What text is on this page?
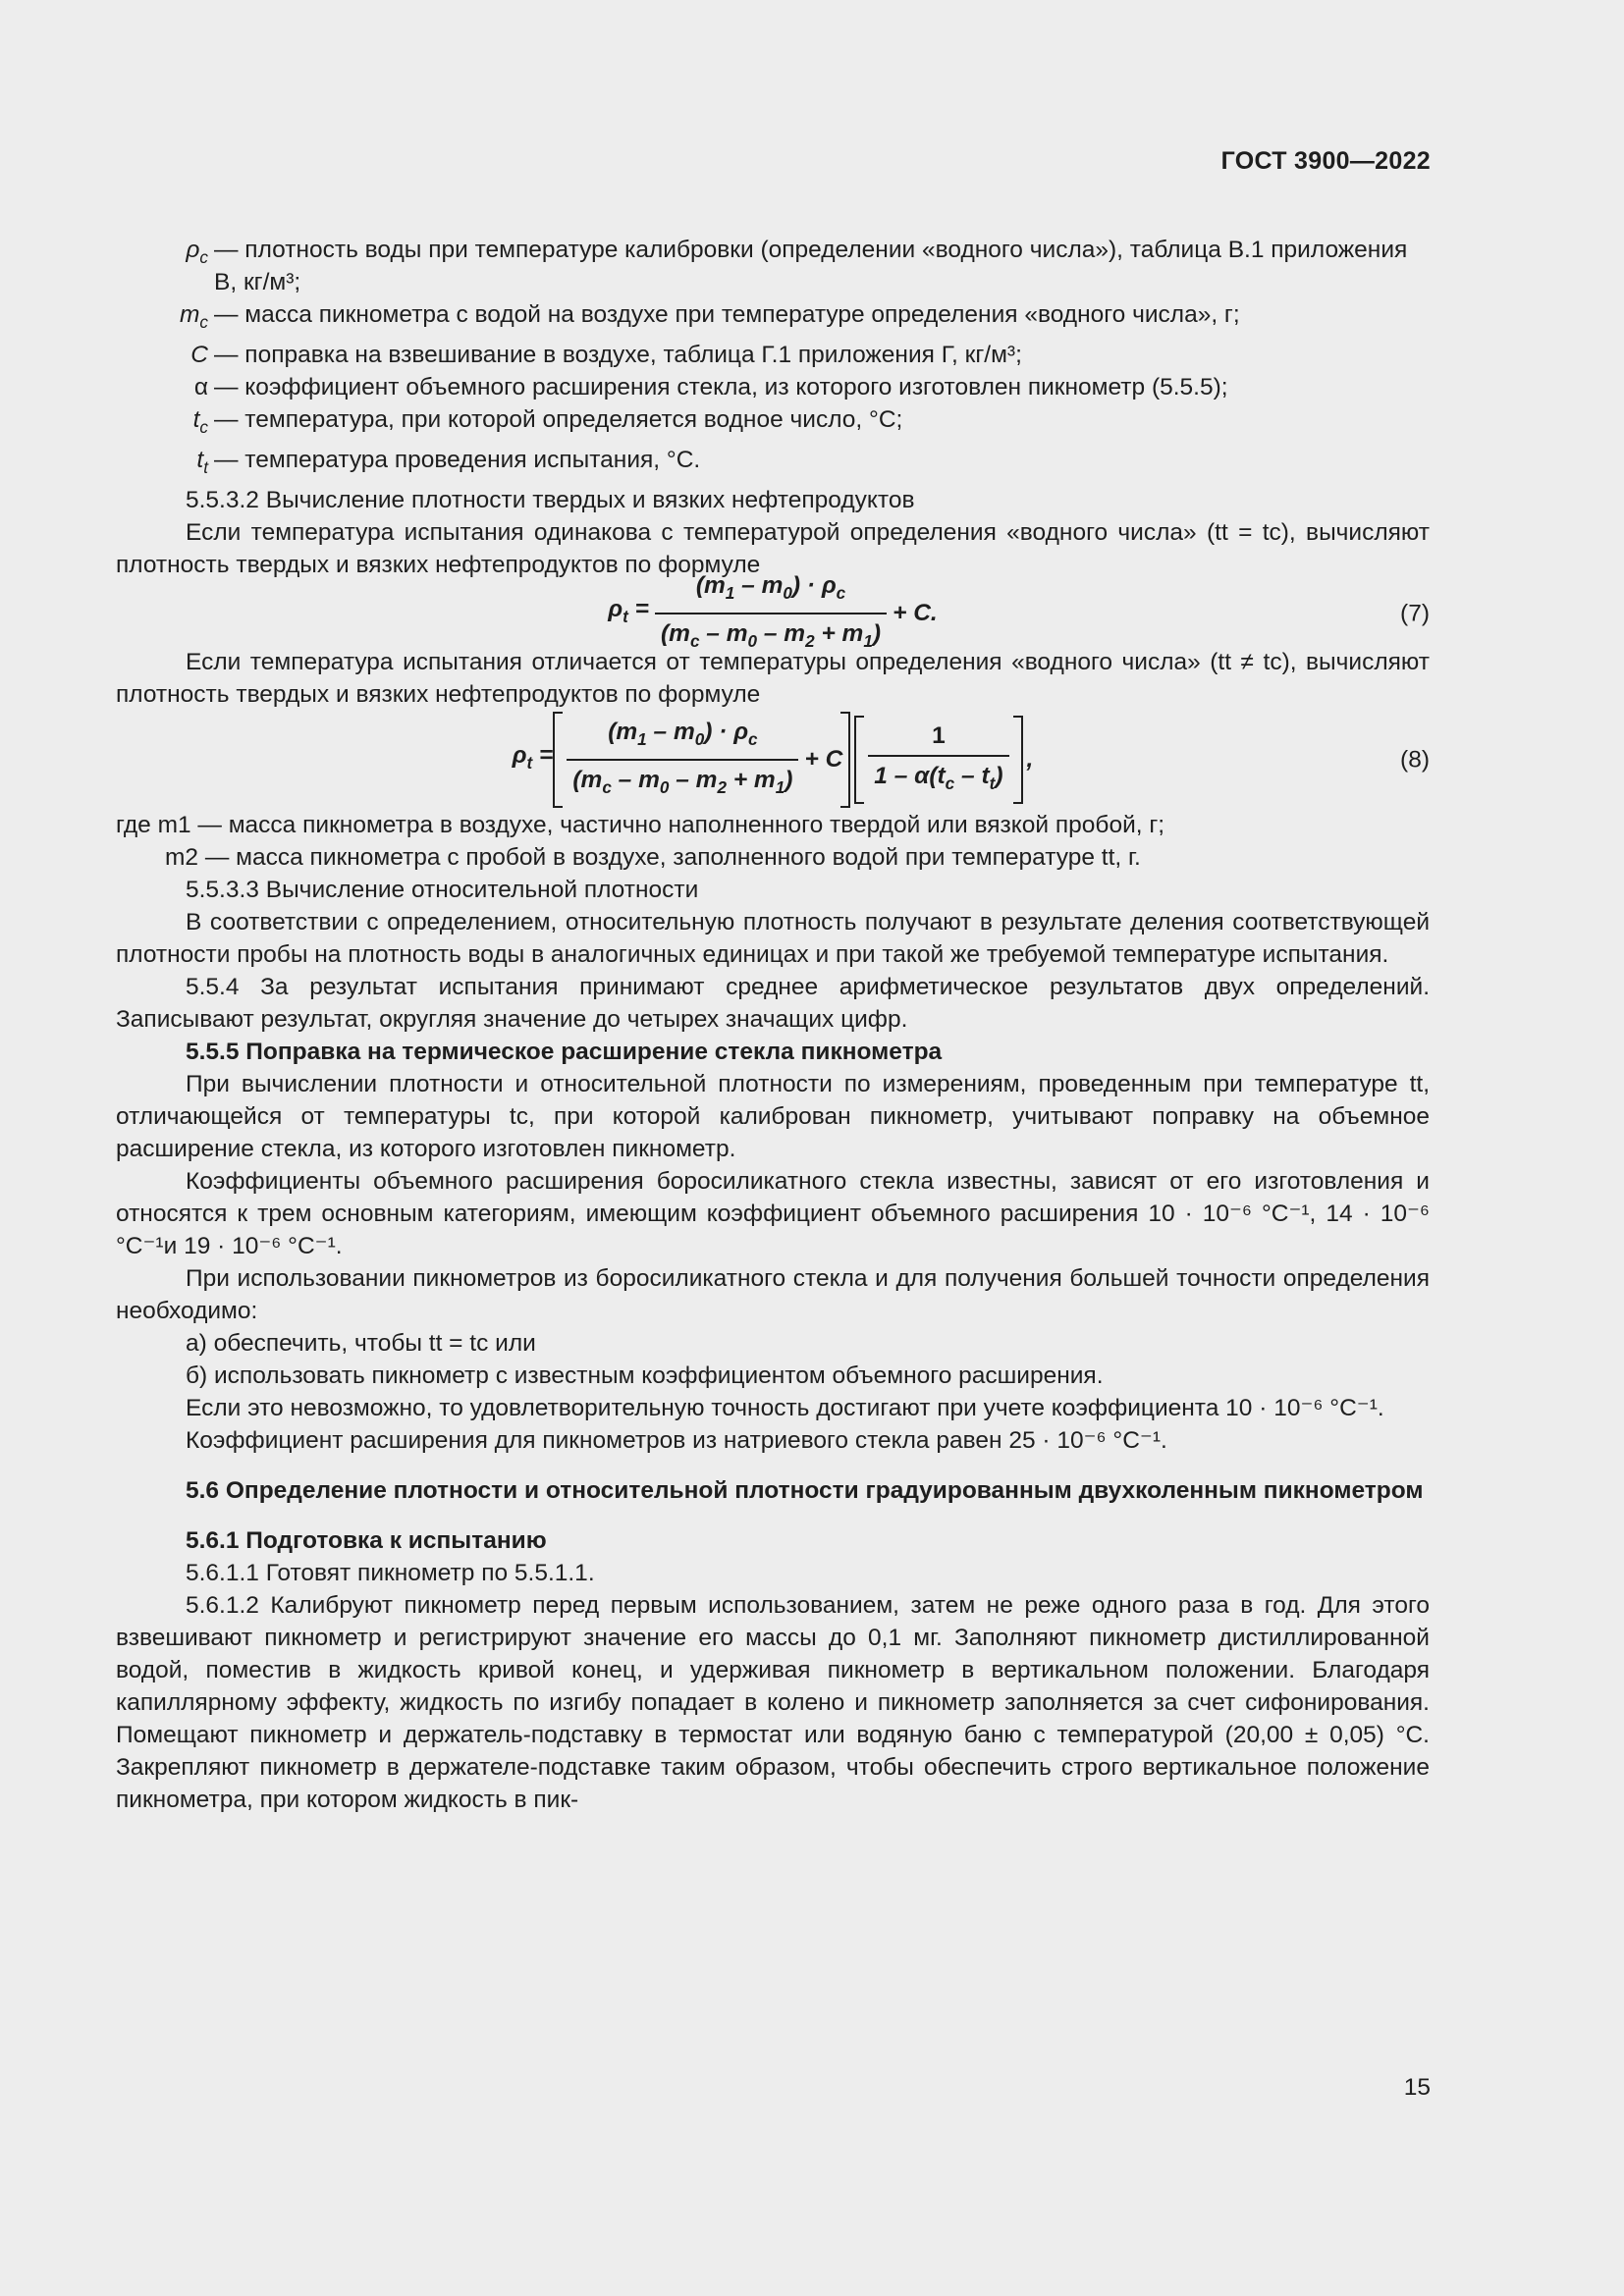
ГОСТ 3900—2022
$\rho_c$ — плотность воды при температуре калибровки (определении «водного числа»), таблица В.1 приложения В, кг/м³;
$m_c$ — масса пикнометра с водой на воздухе при температуре определения «водного числа», г;
C — поправка на взвешивание в воздухе, таблица Г.1 приложения Г, кг/м³;
α — коэффициент объемного расширения стекла, из которого изготовлен пикнометр (5.5.5);
$t_c$ — температура, при которой определяется водное число, °С;
$t_t$ — температура проведения испытания, °С.

5.5.3.2 Вычисление плотности твердых и вязких нефтепродуктов

Если температура испытания одинакова с температурой определения «водного числа» (tt = tc), вычисляют плотность твердых и вязких нефтепродуктов по формуле

$\rho_t = \frac{(m_1 - m_0) \cdot \rho_c}{(m_c - m_0 - m_2 + m_1)} + C$.	(7)

Если температура испытания отличается от температуры определения «водного числа» (tt ≠ tc), вычисляют плотность твердых и вязких нефтепродуктов по формуле

$\rho_t = \frac{(m_1 - m_0) \cdot \rho_c}{(m_c - m_0 - m_2 + m_1)} + C \frac{1}{1 - \alpha(t_c - t_t)}$ ,	(8)

где m1 — масса пикнометра в воздухе, частично наполненного твердой или вязкой пробой, г;

m2 — масса пикнометра с пробой в воздухе, заполненного водой при температуре tt, г.

5.5.3.3 Вычисление относительной плотности

В соответствии с определением, относительную плотность получают в результате деления соответствующей плотности пробы на плотность воды в аналогичных единицах и при такой же требуемой температуре испытания.

5.5.4 За результат испытания принимают среднее арифметическое результатов двух определений. Записывают результат, округляя значение до четырех значащих цифр.

5.5.5 Поправка на термическое расширение стекла пикнометра

При вычислении плотности и относительной плотности по измерениям, проведенным при температуре tt, отличающейся от температуры tc, при которой калиброван пикнометр, учитывают поправку на объемное расширение стекла, из которого изготовлен пикнометр.

Коэффициенты объемного расширения боросиликатного стекла известны, зависят от его изготовления и относятся к трем основным категориям, имеющим коэффициент объемного расширения 10 · 10⁻⁶ °С⁻¹, 14 · 10⁻⁶ °С⁻¹и 19 · 10⁻⁶ °С⁻¹.

При использовании пикнометров из боросиликатного стекла и для получения большей точности определения необходимо:

а) обеспечить, чтобы tt = tc или

б) использовать пикнометр с известным коэффициентом объемного расширения.

Если это невозможно, то удовлетворительную точность достигают при учете коэффициента 10 · 10⁻⁶ °С⁻¹.

Коэффициент расширения для пикнометров из натриевого стекла равен 25 · 10⁻⁶ °С⁻¹.

5.6 Определение плотности и относительной плотности градуированным двухколенным пикнометром

5.6.1 Подготовка к испытанию

5.6.1.1 Готовят пикнометр по 5.5.1.1.

5.6.1.2 Калибруют пикнометр перед первым использованием, затем не реже одного раза в год. Для этого взвешивают пикнометр и регистрируют значение его массы до 0,1 мг. Заполняют пикнометр дистиллированной водой, поместив в жидкость кривой конец, и удерживая пикнометр в вертикальном положении. Благодаря капиллярному эффекту, жидкость по изгибу попадает в колено и пикнометр заполняется за счет сифонирования. Помещают пикнометр и держатель-подставку в термостат или водяную баню с температурой (20,00 ± 0,05) °С. Закрепляют пикнометр в держателе-подставке таким образом, чтобы обеспечить строго вертикальное положение пикнометра, при котором жидкость в пик-

15
